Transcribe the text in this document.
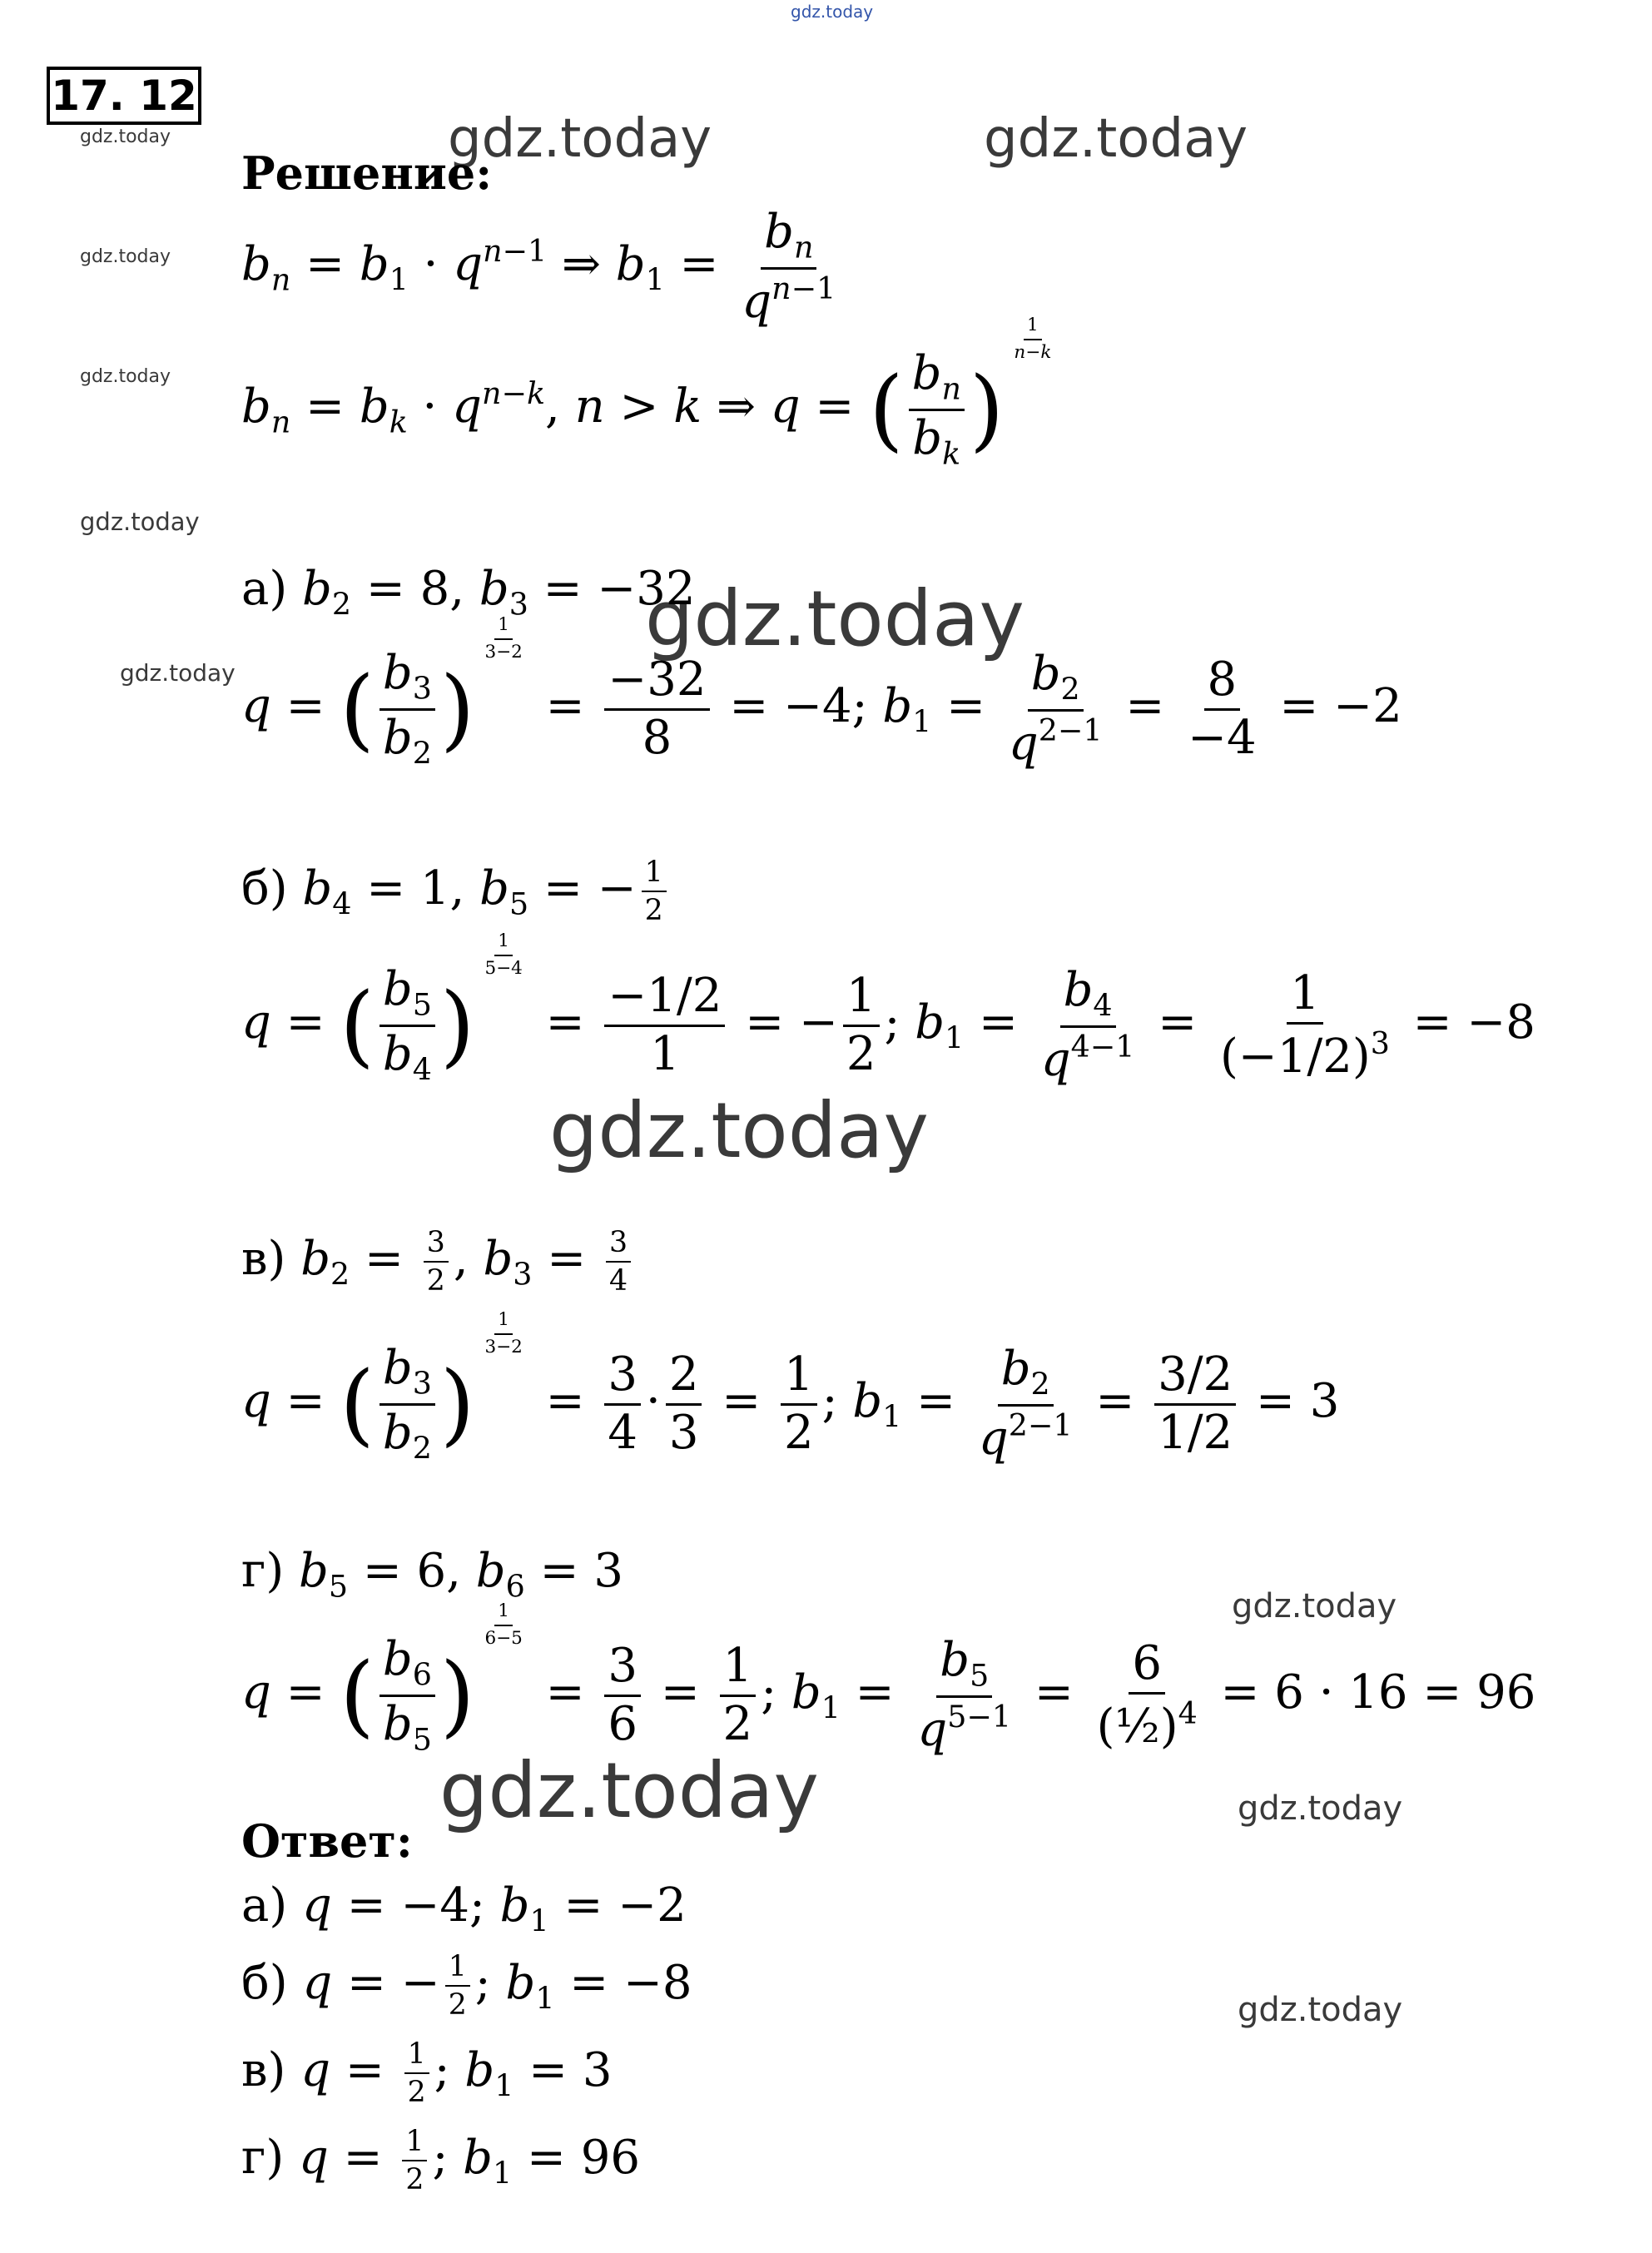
gdz.today
gdz.today	gdz.today	gdz.today
gdz.today
gdz.today
gdz.today
gdz.today
gdz.today
gdz.today
gdz.today
gdz.today	gdz.today
gdz.today
17. 12
Решение:
$b_n = b_1 \cdot q^{n-1}$ ⇒ $b_1 = \frac{b_n}{q^{n-1}}$
$b_n = b_k \cdot q^{n-k}$, n > k ⇒ q = ( $\frac{b_n}{b_k}$ )
$\frac{1}{n-k}$
а) $b_2 = 8$, $b_3 = -32$
q = ( $\frac{b_3}{b_2}$ )
$\frac{1}{3-2}$
= $\frac{-32}{8} = -4$; $b_1 = \frac{b_2}{q^{2-1}} = \frac{8}{-4} = -2$
б) $b_4 = 1$, $b_5$ = − $\frac{1}{2}$
q = ( $\frac{b_5}{b_4}$ )
$\frac{1}{5-4}$
= $\frac{-1/2}{1}$ = − $\frac{1}{2}$ ; $b_1 = \frac{b_4}{q^{4-1}} = \frac{1}{(-1/2)^3} = -8$
в) $b_2 = \frac{3}{2}$ , $b_3 = \frac{3}{4}$
q = ( $\frac{b_3}{b_2}$ )
$\frac{1}{3-2}$
= $\frac{3}{4} \cdot \frac{2}{3} = \frac{1}{2}$ ; $b_1 = \frac{b_2}{q^{2-1}} = \frac{3/2}{1/2} = 3$
г) $b_5 = 6$, $b_6 = 3$
q = ( $\frac{b_6}{b_5}$ )
$\frac{1}{6-5}$
= $\frac{3}{6} = \frac{1}{2}$ ; $b_1 = \frac{b_5}{q^{5-1}} = \frac{6}{(\frac{1}{2})^4} = 6 \cdot 16 = 96$
Ответ:
а) q = −4; $b_1 = -2$
б) q = − $\frac{1}{2}$ ; $b_1 = -8$
в) $q = \frac{1}{2}$ ; $b_1 = 3$
г) $q = \frac{1}{2}$ ; $b_1 = 96$
